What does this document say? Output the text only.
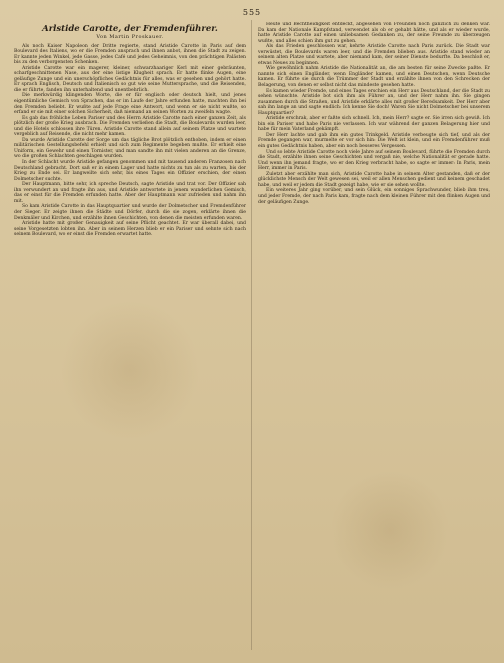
555
Arlstide Carotte, der Fremdenführer.
Von Martin Proskauer.

Als noch Kaiser Napoleon der Dritte regierte, stand Aristide Carotte in Paris auf dem Boulevard des Italiens, wo er die Fremden ansprach und ihnen anbot, ihnen die Stadt zu zeigen. Er kannte jeden Winkel, jede Gasse, jedes Café und jedes Geheimnis, von den prächtigen Palästen bis zu den verborgensten Schenken.

Aristide Carotte war ein magerer, kleiner, schwarzhaariger Kerl mit einer gebräunten, scharfgeschnittenen Nase, aus der eine listige Klugheit sprach. Er hatte flinke Augen, eine geläufige Zunge und ein unerschöpfliches Gedächtnis für alles, was er gesehen und gehört hatte. Er sprach Englisch, Deutsch und Italienisch so gut wie seine Muttersprache, und die Reisenden, die er führte, fanden ihn unterhaltend und unentbehrlich.

Die merkwürdig klingenden Worte, die er für englisch oder deutsch hielt, und jenes eigentümliche Gemisch von Sprachen, das er im Laufe der Jahre erfunden hatte, machten ihn bei den Fremden beliebt. Er wußte auf jede Frage eine Antwort, und wenn er sie nicht wußte, so erfand er sie mit einer solchen Sicherheit, daß niemand an seinen Worten zu zweifeln wagte.

Es gab das fröhliche Leben Pariser und des Herrn Aristide Carotte nach einer ganzen Zeit, als plötzlich der große Krieg ausbrach. Die Fremden verließen die Stadt, die Boulevards wurden leer, und die Hotels schlossen ihre Türen. Aristide Carotte stand allein auf seinem Platze und wartete vergeblich auf Reisende, die nicht mehr kamen.

Da wurde Aristide Carotte der Sorge um das tägliche Brot plötzlich enthoben, indem er einen militärischen Gestellungsbefehl erhielt und sich zum Regimente begeben mußte. Er erhielt eine Uniform, ein Gewehr und einen Tornister, und man sandte ihn mit vielen anderen an die Grenze, wo die großen Schlachten geschlagen wurden.

In der Schlacht wurde Aristide gefangen genommen und mit tausend anderen Franzosen nach Deutschland gebracht. Dort saß er in einem Lager und hatte nichts zu tun als zu warten, bis der Krieg zu Ende sei. Er langweilte sich sehr, bis eines Tages ein Offizier erschien, der einen Dolmetscher suchte.

Der Hauptmann, bitte sehr, ich spreche Deutsch, sagte Aristide und trat vor. Der Offizier sah ihn verwundert an und fragte ihn aus, und Aristide antwortete in jenem wunderlichen Gemisch, das er einst für die Fremden erfunden hatte. Aber der Hauptmann war zufrieden und nahm ihn mit.

So kam Aristide Carotte in das Hauptquartier und wurde der Dolmetscher und Fremdenführer der Sieger. Er zeigte ihnen die Städte und Dörfer, durch die sie zogen, erklärte ihnen die Denkmäler und Kirchen, und erzählte ihnen Geschichten, von denen die meisten erfunden waren.

Aristide hatte mit großer Genauigkeit auf seine Pflicht geachtet. Er war überall dabei, und seine Vorgesetzten lobten ihn. Aber in seinem Herzen blieb er ein Pariser und sehnte sich nach seinem Boulevard, wo er einst die Fremden erwartet hatte.

Heute und Bechtheidigkeit entdeckt, abgesehen von Freunden noch gänzlich zu denken war. Da kam der Nationale Kampfstand, verwendet als ob er gehabt hätte, und als er wieder wurde, hatte Aristide Carotte auf einen unliebsamen Gedanken zu, der seine Freunde zu überzeugen wußte, und alles schien ihm gut zu gehen.

Als das Frieden geschlossen war, kehrte Aristide Carotte nach Paris zurück. Die Stadt war verwüstet, die Boulevards waren leer, und die Fremden blieben aus. Aristide stand wieder an seinem alten Platze und wartete, aber niemand kam, der seiner Dienste bedurfte. Da beschloß er, etwas Neues zu beginnen.

Wie gewöhnlich nahm Aristide die Nationalität an, die am besten für seine Zwecke paßte. Er nannte sich einen Engländer, wenn Engländer kamen, und einen Deutschen, wenn Deutsche kamen. Er führte sie durch die Trümmer der Stadt und erzählte ihnen von den Schrecken der Belagerung, von denen er selbst nicht das mindeste gesehen hatte.

Es kamen wieder Fremde, und eines Tages erschien ein Herr aus Deutschland, der die Stadt zu sehen wünschte. Aristide bot sich ihm als Führer an, und der Herr nahm ihn. Sie gingen zusammen durch die Straßen, und Aristide erklärte alles mit großer Beredsamkeit. Der Herr aber sah ihn lange an und sagte endlich: Ich kenne Sie doch! Waren Sie nicht Dolmetscher bei unserem Hauptquartier?

Aristide erschrak, aber er faßte sich schnell. Ich, mein Herr? sagte er. Sie irren sich gewiß. Ich bin ein Pariser und habe Paris nie verlassen. Ich war während der ganzen Belagerung hier und habe für mein Vaterland gekämpft.

Der Herr lachte und gab ihm ein gutes Trinkgeld. Aristide verbeugte sich tief, und als der Fremde gegangen war, murmelte er vor sich hin: Die Welt ist klein, und ein Fremdenführer muß ein gutes Gedächtnis haben, aber ein noch besseres Vergessen.

Und so lebte Aristide Carotte noch viele Jahre auf seinem Boulevard, führte die Fremden durch die Stadt, erzählte ihnen seine Geschichten und vergaß nie, welche Nationalität er gerade hatte. Und wenn ihn jemand fragte, wo er den Krieg verbracht habe, so sagte er immer: In Paris, mein Herr, immer in Paris.

Zuletzt aber erzählte man sich, Aristide Carotte habe in seinem Alter gestanden, daß er der glücklichste Mensch der Welt gewesen sei, weil er allen Menschen gedient und keinem geschadet habe, und weil er jedem die Stadt gezeigt habe, wie er sie sehen wollte.

Ein weiteres Jahr ging vorüber, und sein Glück, ein sonniges Sprachwunder, blieb ihm treu, und jeder Fremde, der nach Paris kam, fragte nach dem kleinen Führer mit den flinken Augen und der geläufigen Zunge.
